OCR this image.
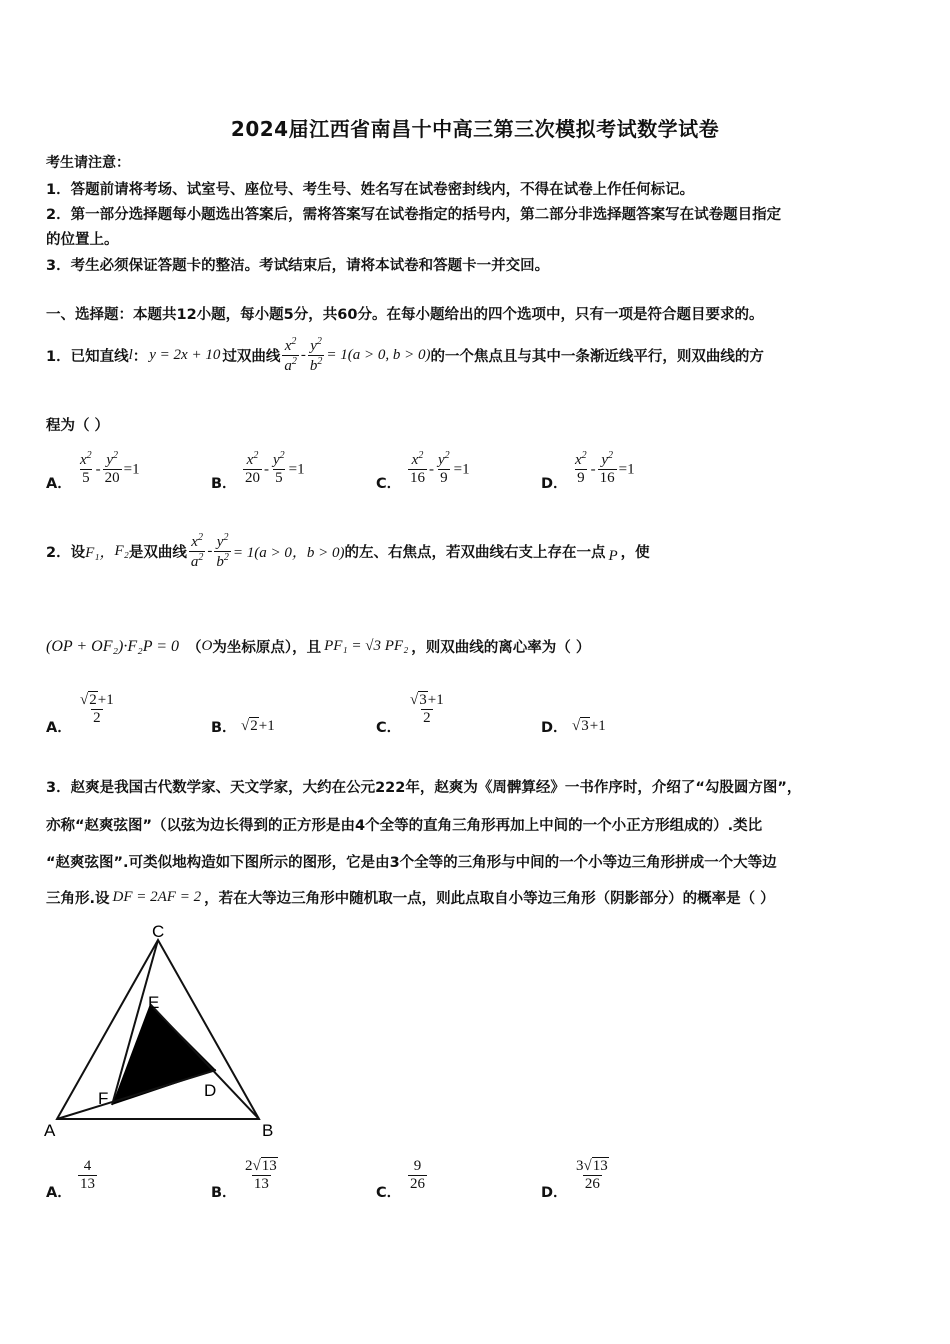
2024届江西省南昌十中高三第三次模拟考试数学试卷
考生请注意：
1．答题前请将考场、试室号、座位号、考生号、姓名写在试卷密封线内，不得在试卷上作任何标记。
2．第一部分选择题每小题选出答案后，需将答案写在试卷指定的括号内，第二部分非选择题答案写在试卷题目指定
的位置上。
3．考生必须保证答题卡的整洁。考试结束后，请将本试卷和答题卡一并交回。
一、选择题：本题共12小题，每小题5分，共60分。在每小题给出的四个选项中，只有一项是符合题目要求的。
1．已知直线 l ： y = 2x + 10 过双曲线 $\frac{x^2}{a^2} - \frac{y^2}{b^2} = 1(a > 0$, b > 0) 的一个焦点且与其中一条渐近线平行，则双曲线的方
程为（ ）
A． $\frac{x^2}{5} - \frac{y^2}{20} =1$
B． $\frac{x^2}{20} - \frac{y^2}{5} =1$
C． $\frac{x^2}{16} - \frac{y^2}{9} =1$
D． $\frac{x^2}{9} - \frac{y^2}{16} =1$
2．设 F₁， F₂ 是双曲线 $\frac{x^2}{a^2} - \frac{y^2}{b^2} = 1(a > 0$，b > 0) 的左、右焦点，若双曲线右支上存在一点 P ，使
(OP + OF₂)·F₂P = 0 （ O 为坐标原点），且 PF₁ = √3 PF₂ ，则双曲线的离心率为（ ）
A．
$\frac{√2+1}{2}$
B． √2+1	C．
$\frac{√3+1}{2}$
D． √3+1
3．赵爽是我国古代数学家、天文学家，大约在公元222年，赵爽为《周髀算经》一书作序时，介绍了“勾股圆方图”，
亦称“赵爽弦图”（以弦为边长得到的正方形是由4个全等的直角三角形再加上中间的一个小正方形组成的）.类比
“赵爽弦图”.可类似地构造如下图所示的图形，它是由3个全等的三角形与中间的一个小等边三角形拼成一个大等边
三角形.设 DF = 2AF = 2 ，若在大等边三角形中随机取一点，则此点取自小等边三角形（阴影部分）的概率是（ ）
C
E
F	D
A	B
A． $\frac{4}{13}$	B． $\frac{2√13}{13}$	C． $\frac{9}{26}$	D． $\frac{3√13}{26}$
